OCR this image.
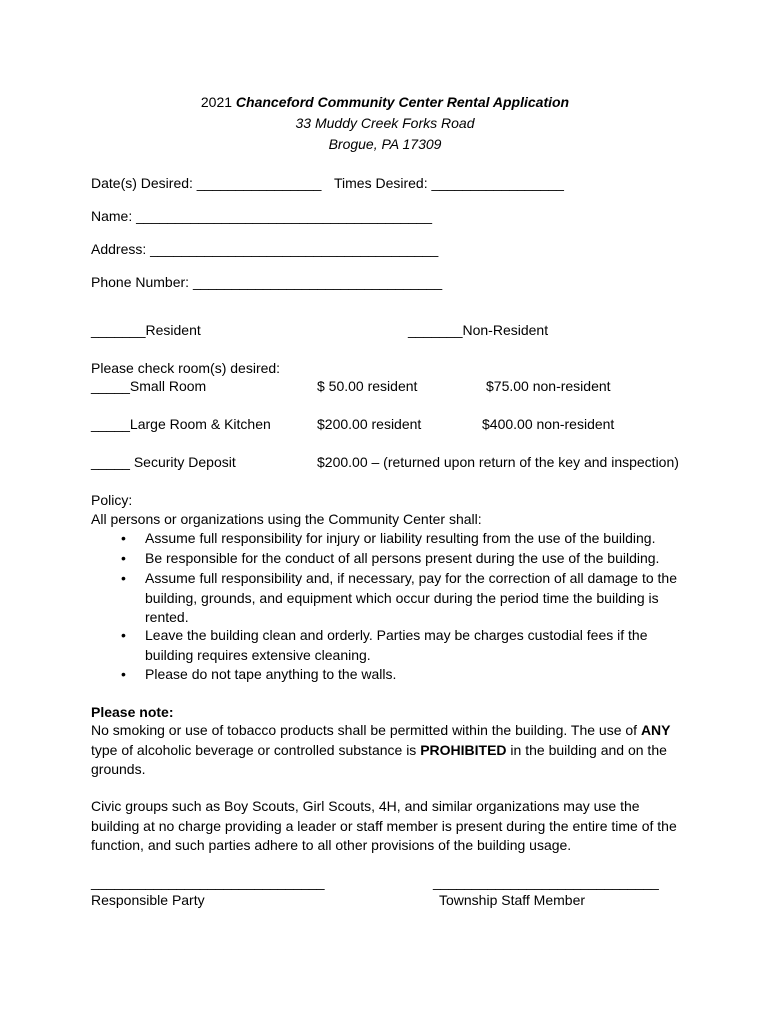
2021 Chanceford Community Center Rental Application
33 Muddy Creek Forks Road
Brogue, PA 17309
Date(s) Desired: ________________ Times Desired: _________________
Name: ______________________________________
Address: _____________________________________
Phone Number: ________________________________
_______Resident	_______Non-Resident
Please check room(s) desired:
_____Small Room	$ 50.00 resident	$75.00 non-resident
_____Large Room & Kitchen	$200.00 resident	$400.00 non-resident
_____ Security Deposit	$200.00 – (returned upon return of the key and inspection)
Policy:
All persons or organizations using the Community Center shall:
• Assume full responsibility for injury or liability resulting from the use of the building.
• Be responsible for the conduct of all persons present during the use of the building.
• Assume full responsibility and, if necessary, pay for the correction of all damage to the building, grounds, and equipment which occur during the period time the building is rented.
• Leave the building clean and orderly. Parties may be charges custodial fees if the building requires extensive cleaning.
• Please do not tape anything to the walls.
Please note:
No smoking or use of tobacco products shall be permitted within the building. The use of ANY type of alcoholic beverage or controlled substance is PROHIBITED in the building and on the grounds.
Civic groups such as Boy Scouts, Girl Scouts, 4H, and similar organizations may use the building at no charge providing a leader or staff member is present during the entire time of the function, and such parties adhere to all other provisions of the building usage.
______________________________	_____________________________
Responsible Party	Township Staff Member
